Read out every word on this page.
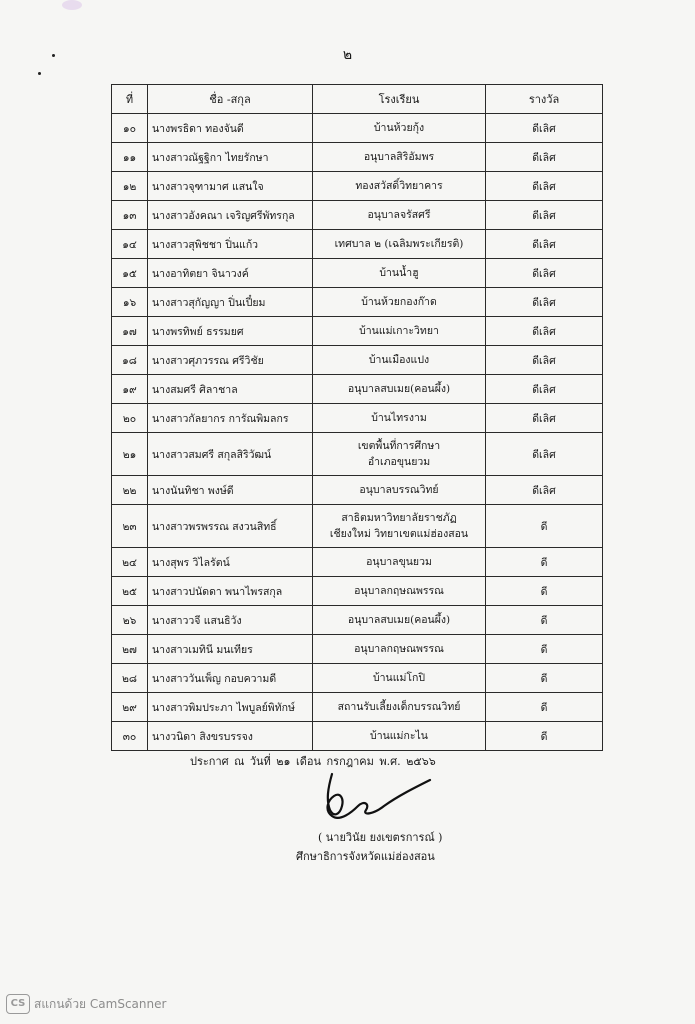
๒
ที่	ชื่อ -สกุล	โรงเรียน	รางวัล
๑๐	นางพรธิดา ทองจันดี	บ้านห้วยกุ้ง	ดีเลิศ
๑๑	นางสาวณัฐฐิกา ไทยรักษา	อนุบาลสิริอัมพร	ดีเลิศ
๑๒	นางสาวจุฑามาศ แสนใจ	ทองสวัสดิ์วิทยาคาร	ดีเลิศ
๑๓	นางสาวอังคณา เจริญศรีพัทรกุล	อนุบาลจรัสศรี	ดีเลิศ
๑๔	นางสาวสุพิชชา ปิ่นแก้ว	เทศบาล ๒ (เฉลิมพระเกียรติ)	ดีเลิศ
๑๕	นางอาทิตยา จินาวงค์	บ้านน้ำฮู	ดีเลิศ
๑๖	นางสาวสุกัญญา ปิ่นเปี๋ยม	บ้านห้วยกองก๊าด	ดีเลิศ
๑๗	นางพรทิพย์ ธรรมยศ	บ้านแม่เกาะวิทยา	ดีเลิศ
๑๘	นางสาวศุภวรรณ ศรีวิชัย	บ้านเมืองแปง	ดีเลิศ
๑๙	นางสมศรี ศิลาชาล	อนุบาลสบเมย(คอนผึ้ง)	ดีเลิศ
๒๐	นางสาวกัลยากร การัณพิมลกร	บ้านไทรงาม	ดีเลิศ
๒๑	นางสาวสมศรี สกุลสิริวัฒน์	เขตพื้นที่การศึกษา
อำเภอขุนยวม	ดีเลิศ
๒๒	นางนันทิชา พงษ์ดี	อนุบาลบรรณวิทย์	ดีเลิศ
๒๓	นางสาวพรพรรณ สงวนสิทธิ์	สาธิตมหาวิทยาลัยราชภัฏ
เชียงใหม่ วิทยาเขตแม่ฮ่องสอน	ดี
๒๔	นางสุพร วิไลรัตน์	อนุบาลขุนยวม	ดี
๒๕	นางสาวปนัดดา พนาไพรสกุล	อนุบาลกฤษณพรรณ	ดี
๒๖	นางสาววจี แสนธิวัง	อนุบาลสบเมย(คอนผึ้ง)	ดี
๒๗	นางสาวเมทินี มนเทียร	อนุบาลกฤษณพรรณ	ดี
๒๘	นางสาววันเพ็ญ กอบความดี	บ้านแม่โกปิ	ดี
๒๙	นางสาวพิมประภา ไพบูลย์พิทักษ์	สถานรับเลี้ยงเด็กบรรณวิทย์	ดี
๓๐	นางวนิดา สิงขรบรรจง	บ้านแม่กะไน	ดี
ประกาศ ณ วันที่ ๒๑ เดือน กรกฎาคม พ.ศ. ๒๕๖๖
( นายวินัย ยงเขตรการณ์ )
ศึกษาธิการจังหวัดแม่ฮ่องสอน
CS สแกนด้วย CamScanner
